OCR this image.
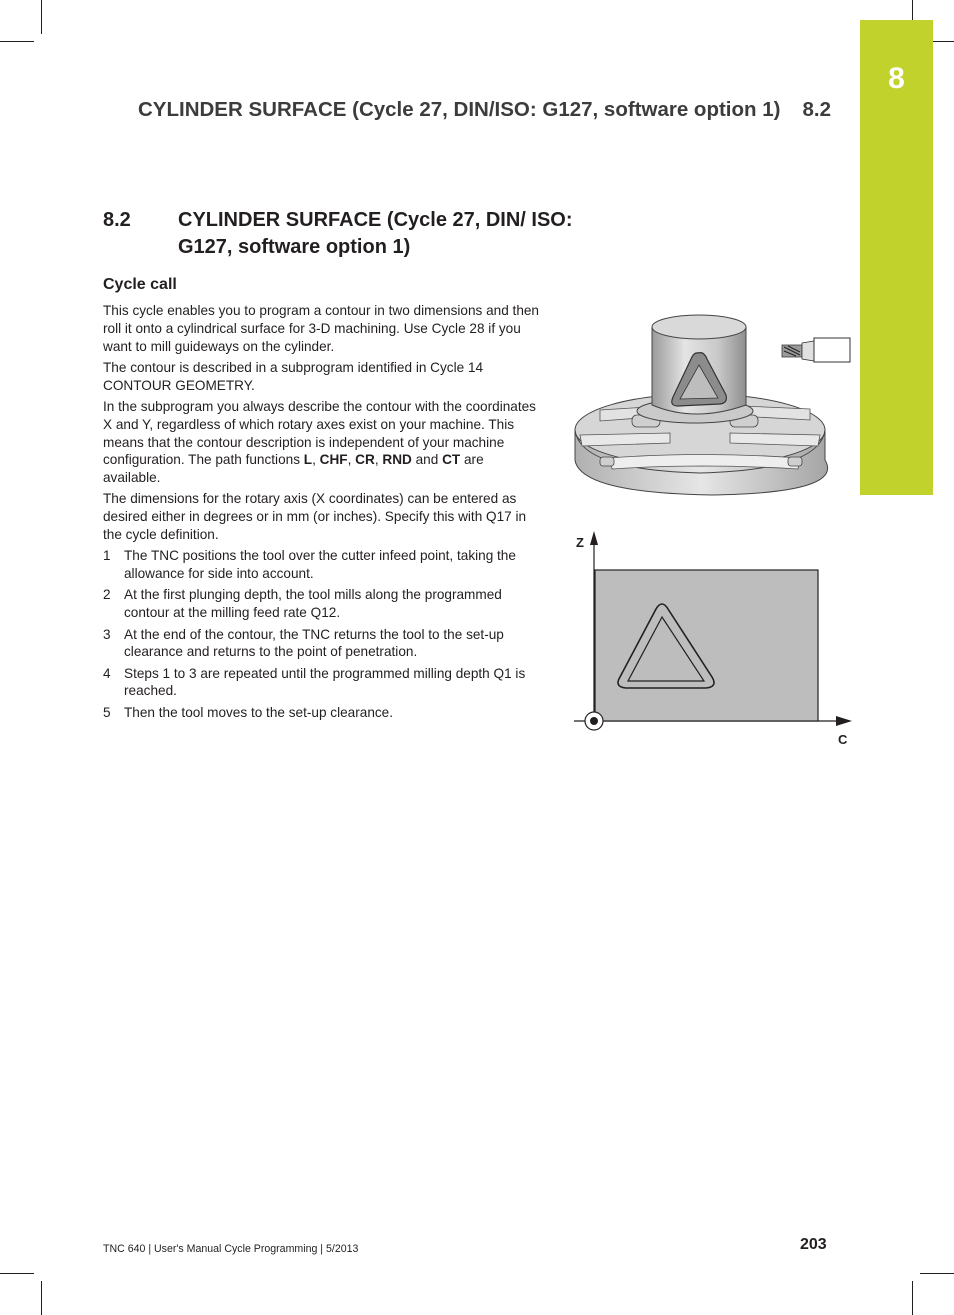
8
CYLINDER SURFACE (Cycle 27, DIN/ISO: G127, software option 1) 8.2
8.2 CYLINDER SURFACE (Cycle 27, DIN/ ISO: G127, software option 1)
Cycle call

This cycle enables you to program a contour in two dimensions and then roll it onto a cylindrical surface for 3-D machining. Use Cycle 28 if you want to mill guideways on the cylinder.

The contour is described in a subprogram identified in Cycle 14 CONTOUR GEOMETRY.

In the subprogram you always describe the contour with the coordinates X and Y, regardless of which rotary axes exist on your machine. This means that the contour description is independent of your machine configuration. The path functions L, CHF, CR, RND and CT are available.

The dimensions for the rotary axis (X coordinates) can be entered as desired either in degrees or in mm (or inches). Specify this with Q17 in the cycle definition.

1 The TNC positions the tool over the cutter infeed point, taking the allowance for side into account.
2 At the first plunging depth, the tool mills along the programmed contour at the milling feed rate Q12.
3 At the end of the contour, the TNC returns the tool to the set-up clearance and returns to the point of penetration.
4 Steps 1 to 3 are repeated until the programmed milling depth Q1 is reached.
5 Then the tool moves to the set-up clearance.
Z
C
TNC 640 | User's Manual Cycle Programming | 5/2013	203
